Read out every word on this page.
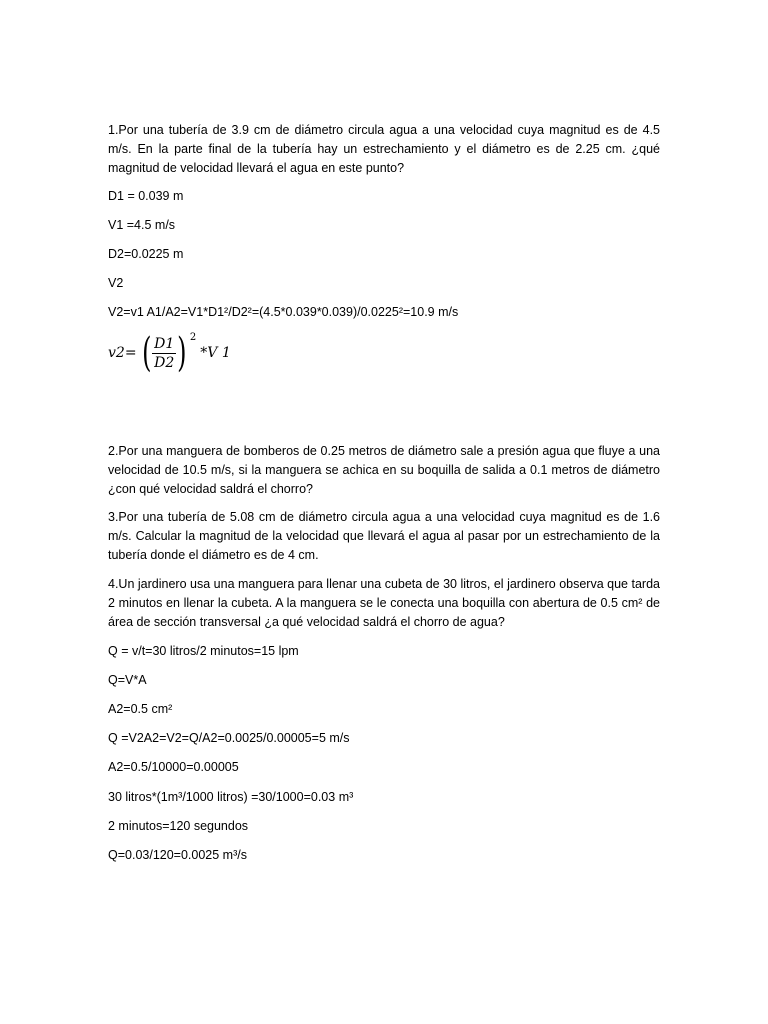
1.Por una tubería de 3.9 cm de diámetro circula agua a una velocidad cuya magnitud es de 4.5 m/s. En la parte final de la tubería hay un estrechamiento y el diámetro es de 2.25 cm. ¿qué magnitud de velocidad llevará el agua en este punto?

D1 = 0.039 m

V1 =4.5 m/s

D2=0.0225 m

V2

V2=v1 A1/A2=V1*D1²/D2²=(4.5*0.039*0.039)/0.0225²=10.9 m/s

v2= ( $\frac{D1}{D2}$ ) 2
*V 1

2.Por una manguera de bomberos de 0.25 metros de diámetro sale a presión agua que fluye a una velocidad de 10.5 m/s, si la manguera se achica en su boquilla de salida a 0.1 metros de diámetro ¿con qué velocidad saldrá el chorro?

3.Por una tubería de 5.08 cm de diámetro circula agua a una velocidad cuya magnitud es de 1.6 m/s. Calcular la magnitud de la velocidad que llevará el agua al pasar por un estrechamiento de la tubería donde el diámetro es de 4 cm.

4.Un jardinero usa una manguera para llenar una cubeta de 30 litros, el jardinero observa que tarda 2 minutos en llenar la cubeta. A la manguera se le conecta una boquilla con abertura de 0.5 cm² de área de sección transversal ¿a qué velocidad saldrá el chorro de agua?

Q = v/t=30 litros/2 minutos=15 lpm

Q=V*A

A2=0.5 cm²

Q =V2A2=V2=Q/A2=0.0025/0.00005=5 m/s

A2=0.5/10000=0.00005

30 litros*(1m³/1000 litros) =30/1000=0.03 m³

2 minutos=120 segundos

Q=0.03/120=0.0025 m³/s
